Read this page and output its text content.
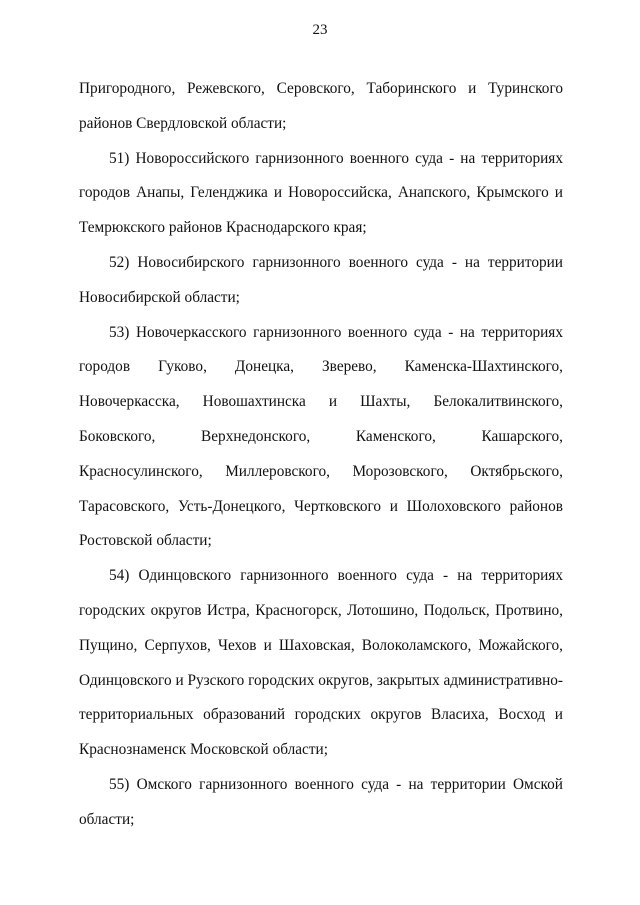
23

Пригородного, Режевского, Серовского, Таборинского и Туринского районов Свердловской области;

51) Новороссийского гарнизонного военного суда - на территориях городов Анапы, Геленджика и Новороссийска, Анапского, Крымского и Темрюкского районов Краснодарского края;

52) Новосибирского гарнизонного военного суда - на территории Новосибирской области;

53) Новочеркасского гарнизонного военного суда - на территориях городов Гуково, Донецка, Зверево, Каменска-Шахтинского, Новочеркасска, Новошахтинска и Шахты, Белокалитвинского, Боковского, Верхнедонского, Каменского, Кашарского, Красносулинского, Миллеровского, Морозовского, Октябрьского, Тарасовского, Усть-Донецкого, Чертковского и Шолоховского районов Ростовской области;

54) Одинцовского гарнизонного военного суда - на территориях городских округов Истра, Красногорск, Лотошино, Подольск, Протвино, Пущино, Серпухов, Чехов и Шаховская, Волоколамского, Можайского, Одинцовского и Рузского городских округов, закрытых административно-территориальных образований городских округов Власиха, Восход и Краснознаменск Московской области;

55) Омского гарнизонного военного суда - на территории Омской области;
